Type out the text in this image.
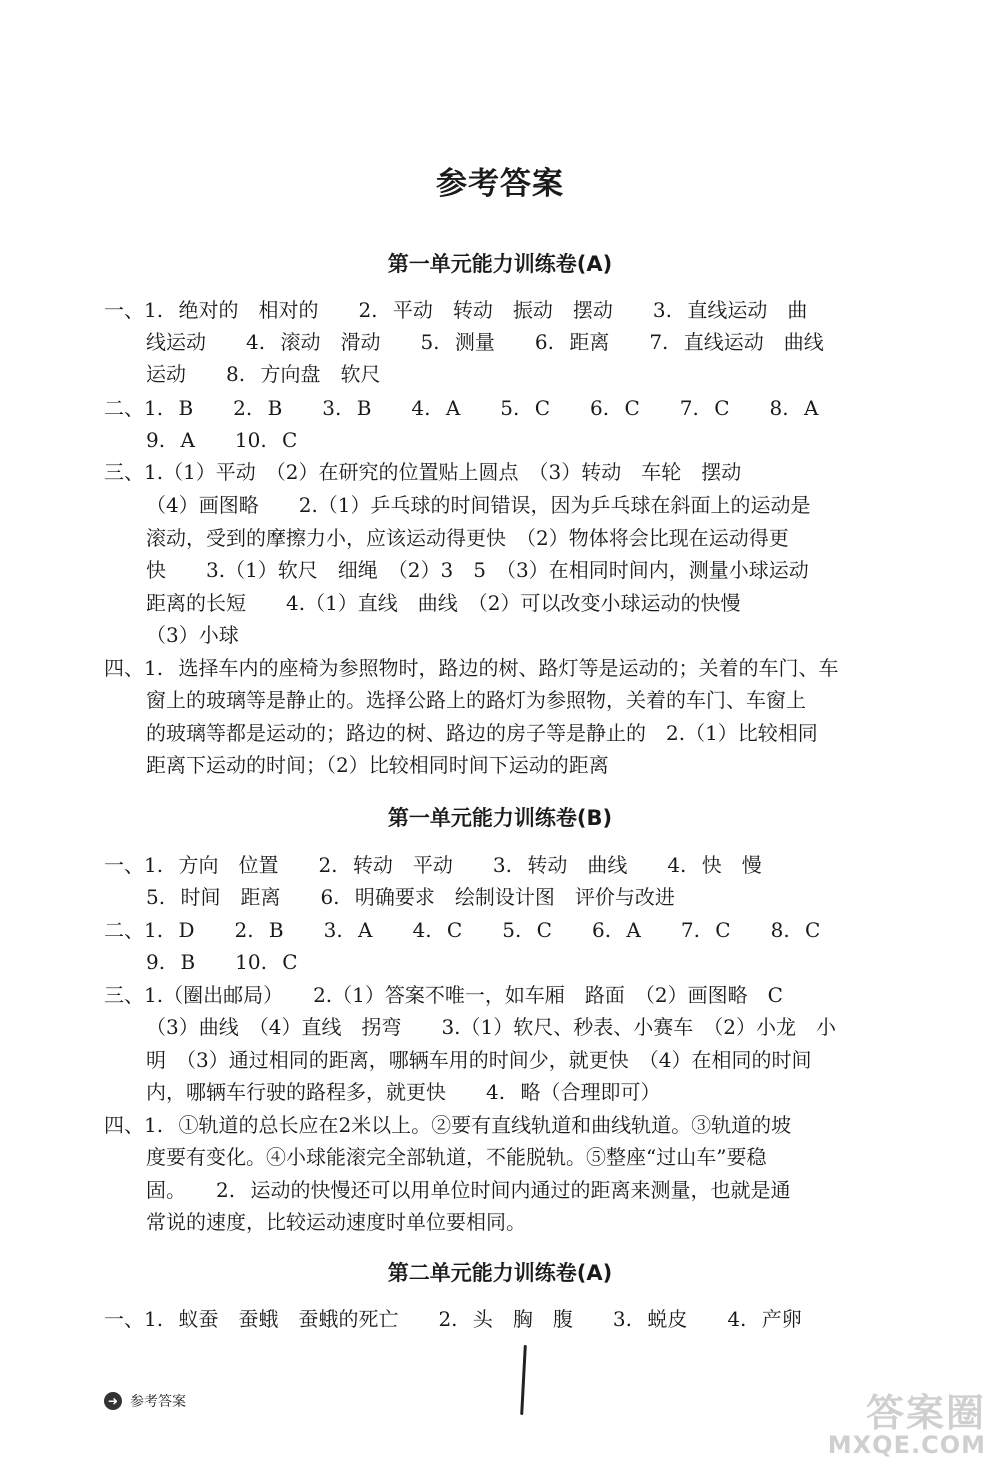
参考答案
第一单元能力训练卷(A)
一、1. 绝对的　相对的　　2. 平动　转动　振动　摆动　　3. 直线运动　曲
线运动　　4. 滚动　滑动　　5. 测量　　6. 距离　　7. 直线运动　曲线
运动　　8. 方向盘　软尺
二、1. B　　2. B　　3. B　　4. A　　5. C　　6. C　　7. C　　8. A
9. A　　10. C
三、1.（1）平动　（2）在研究的位置贴上圆点　（3）转动　车轮　摆动
（4）画图略　　2.（1）乒乓球的时间错误，因为乒乓球在斜面上的运动是
滚动，受到的摩擦力小，应该运动得更快　（2）物体将会比现在运动得更
快　　3.（1）软尺　细绳　（2）3　5　（3）在相同时间内，测量小球运动
距离的长短　　4.（1）直线　曲线　（2）可以改变小球运动的快慢
（3）小球
四、1. 选择车内的座椅为参照物时，路边的树、路灯等是运动的；关着的车门、车
窗上的玻璃等是静止的。选择公路上的路灯为参照物，关着的车门、车窗上
的玻璃等都是运动的；路边的树、路边的房子等是静止的　2.（1）比较相同
距离下运动的时间；（2）比较相同时间下运动的距离
第一单元能力训练卷(B)
一、1. 方向　位置　　2. 转动　平动　　3. 转动　曲线　　4. 快　慢
5. 时间　距离　　6. 明确要求　绘制设计图　评价与改进
二、1. D　　2. B　　3. A　　4. C　　5. C　　6. A　　7. C　　8. C
9. B　　10. C
三、1.（圈出邮局）　　2.（1）答案不唯一，如车厢　路面　（2）画图略　C
（3）曲线　（4）直线　拐弯　　3.（1）软尺、秒表、小赛车　（2）小龙　小
明　（3）通过相同的距离，哪辆车用的时间少，就更快　（4）在相同的时间
内，哪辆车行驶的路程多，就更快　　4. 略（合理即可）
四、1. ①轨道的总长应在2米以上。②要有直线轨道和曲线轨道。③轨道的坡
度要有变化。④小球能滚完全部轨道，不能脱轨。⑤整座“过山车”要稳
固。　　2. 运动的快慢还可以用单位时间内通过的距离来测量，也就是通
常说的速度，比较运动速度时单位要相同。
第二单元能力训练卷(A)
一、1. 蚁蚕　蚕蛾　蚕蛾的死亡　　2. 头　胸　腹　　3. 蜕皮　　4. 产卵
➜ 参考答案	答案圈
MXQE.COM
